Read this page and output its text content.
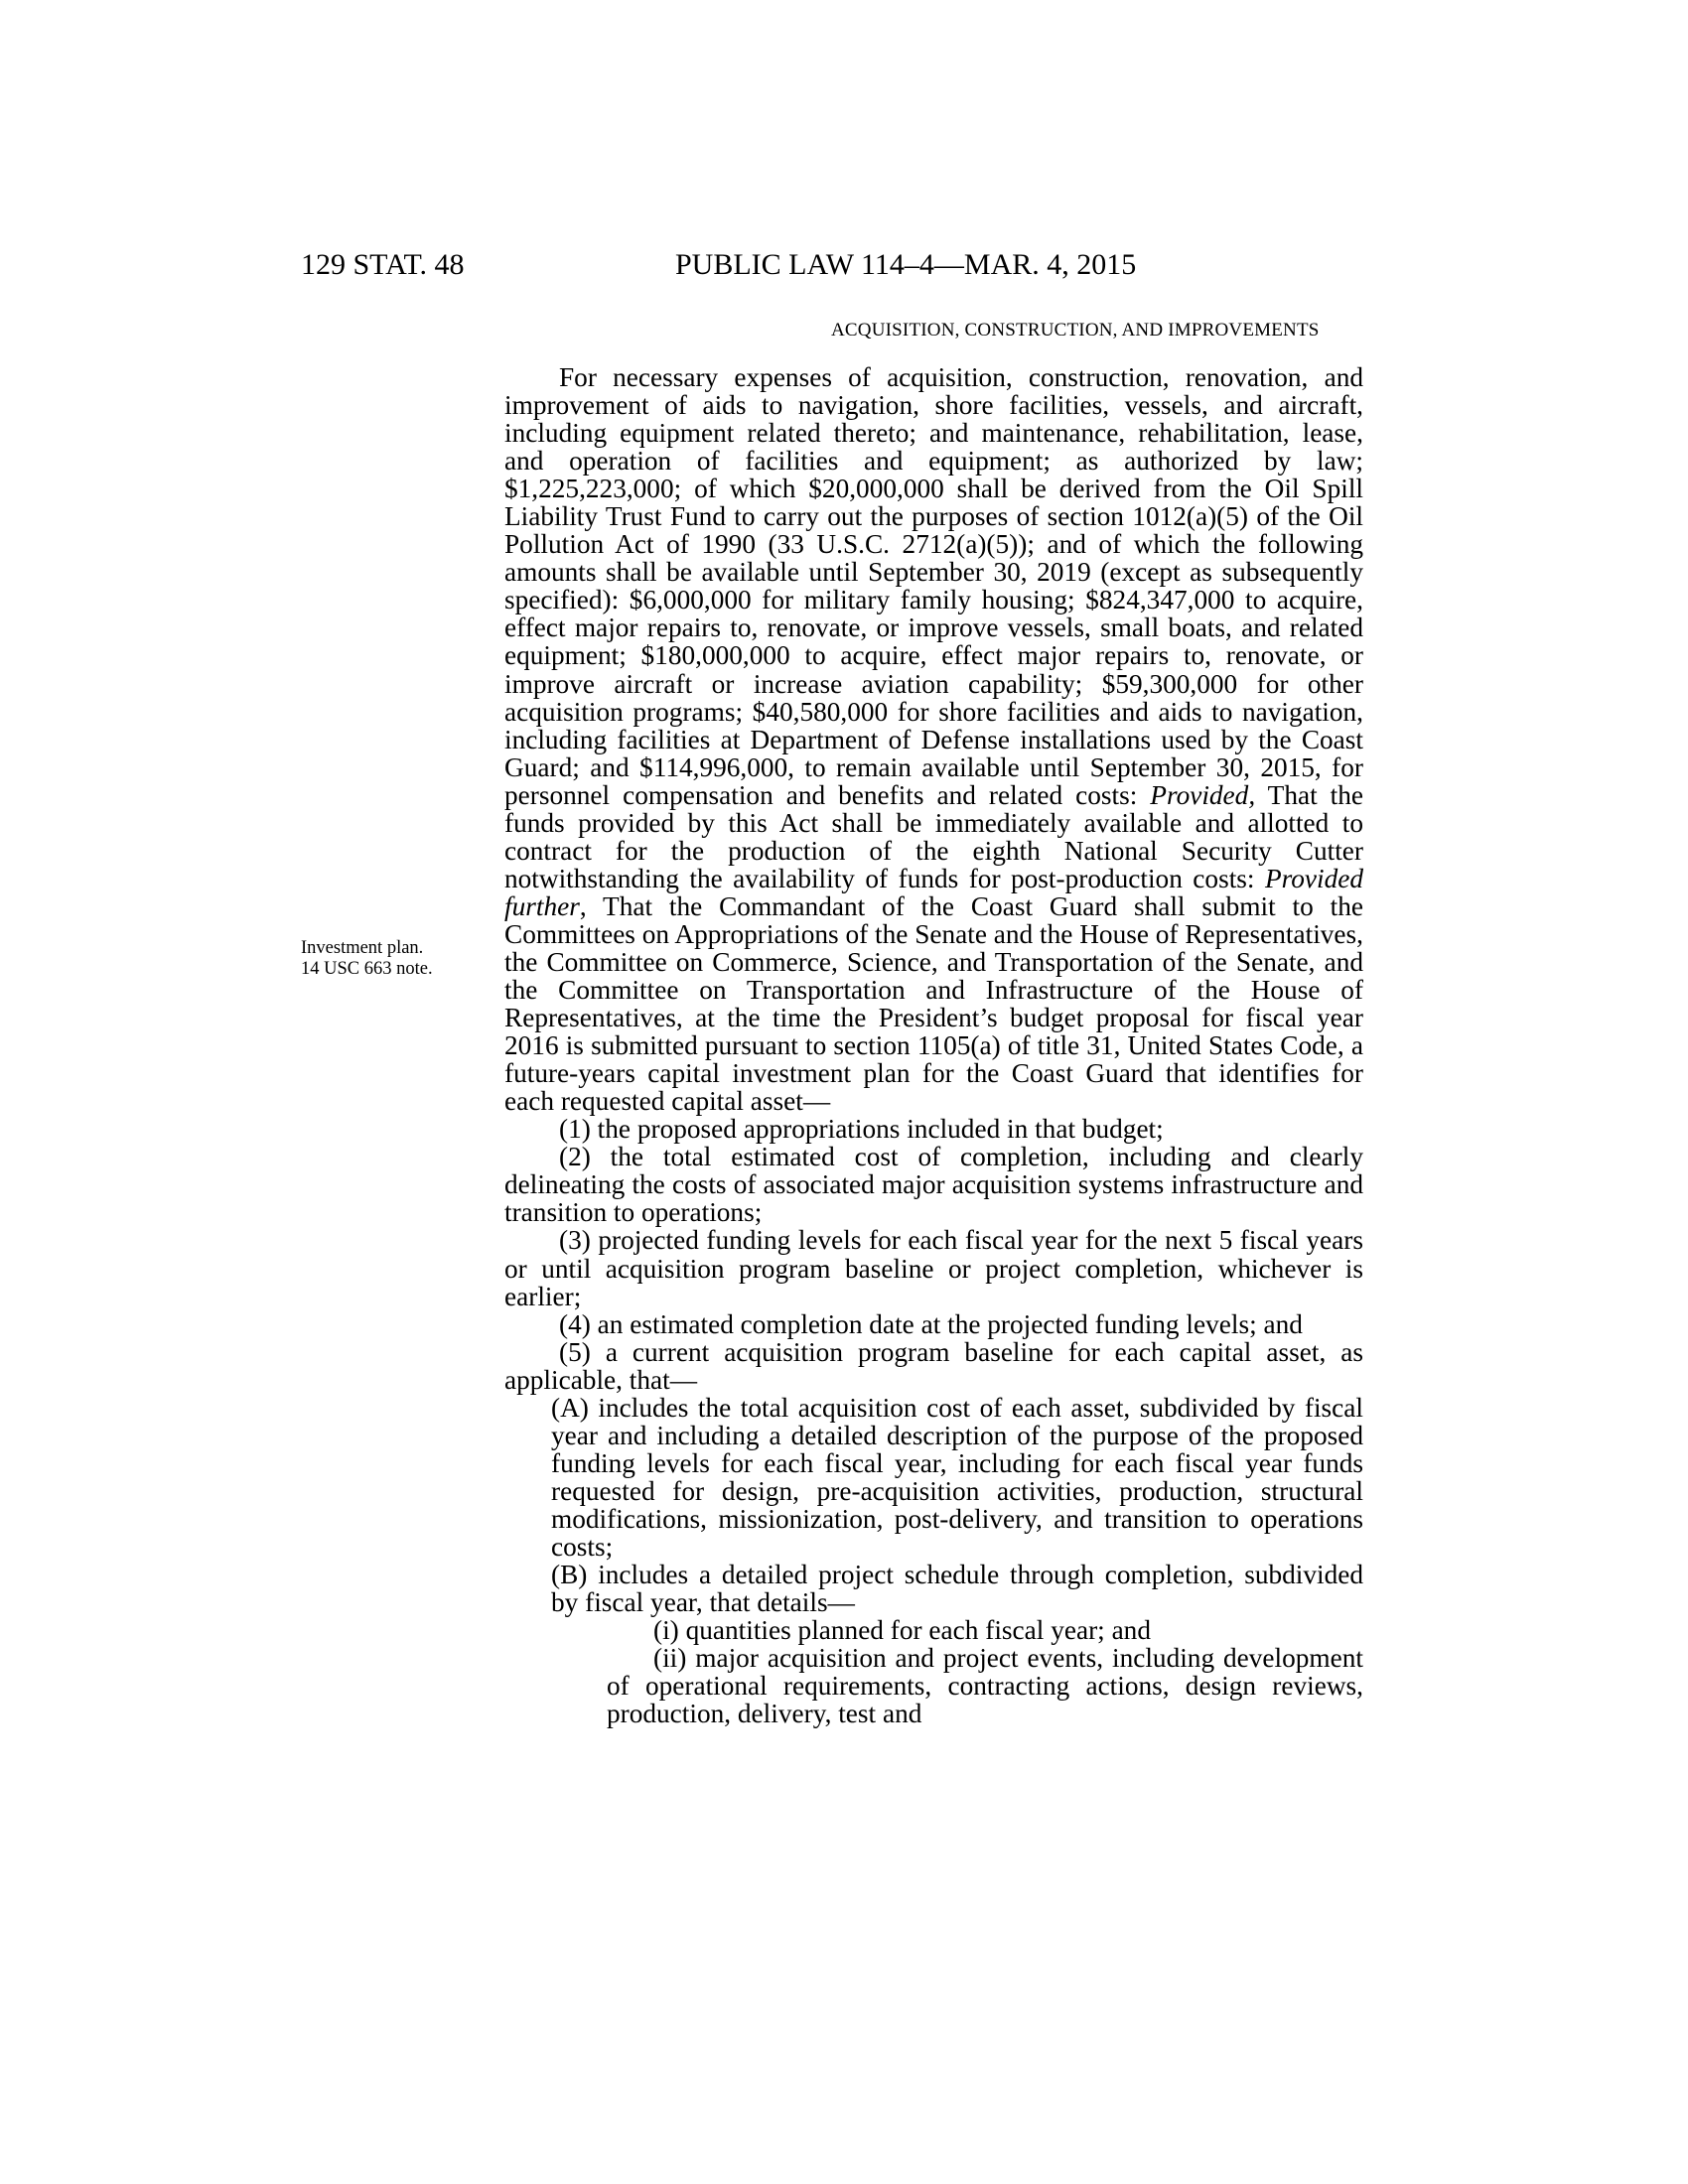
129 STAT. 48	PUBLIC LAW 114–4—MAR. 4, 2015
ACQUISITION, CONSTRUCTION, AND IMPROVEMENTS
Investment plan.
14 USC 663 note.

For necessary expenses of acquisition, construction, renovation, and improvement of aids to navigation, shore facilities, vessels, and aircraft, including equipment related thereto; and maintenance, rehabilitation, lease, and operation of facilities and equipment; as authorized by law; $1,225,223,000; of which $20,000,000 shall be derived from the Oil Spill Liability Trust Fund to carry out the purposes of section 1012(a)(5) of the Oil Pollution Act of 1990 (33 U.S.C. 2712(a)(5)); and of which the following amounts shall be available until September 30, 2019 (except as subsequently specified): $6,000,000 for military family housing; $824,347,000 to acquire, effect major repairs to, renovate, or improve vessels, small boats, and related equipment; $180,000,000 to acquire, effect major repairs to, renovate, or improve aircraft or increase aviation capability; $59,300,000 for other acquisition programs; $40,580,000 for shore facilities and aids to navigation, including facilities at Department of Defense installations used by the Coast Guard; and $114,996,000, to remain available until September 30, 2015, for personnel compensation and benefits and related costs: Provided, That the funds provided by this Act shall be immediately available and allotted to contract for the production of the eighth National Security Cutter notwithstanding the availability of funds for post-production costs: Provided further, That the Commandant of the Coast Guard shall submit to the Committees on Appropriations of the Senate and the House of Representatives, the Committee on Commerce, Science, and Transportation of the Senate, and the Committee on Transportation and Infrastructure of the House of Representatives, at the time the President’s budget proposal for fiscal year 2016 is submitted pursuant to section 1105(a) of title 31, United States Code, a future-years capital investment plan for the Coast Guard that identifies for each requested capital asset—

(1) the proposed appropriations included in that budget;

(2) the total estimated cost of completion, including and clearly delineating the costs of associated major acquisition systems infrastructure and transition to operations;

(3) projected funding levels for each fiscal year for the next 5 fiscal years or until acquisition program baseline or project completion, whichever is earlier;

(4) an estimated completion date at the projected funding levels; and

(5) a current acquisition program baseline for each capital asset, as applicable, that—

(A) includes the total acquisition cost of each asset, subdivided by fiscal year and including a detailed description of the purpose of the proposed funding levels for each fiscal year, including for each fiscal year funds requested for design, pre-acquisition activities, production, structural modifications, missionization, post-delivery, and transition to operations costs;

(B) includes a detailed project schedule through completion, subdivided by fiscal year, that details—

(i) quantities planned for each fiscal year; and

(ii) major acquisition and project events, including development of operational requirements, contracting actions, design reviews, production, delivery, test and
